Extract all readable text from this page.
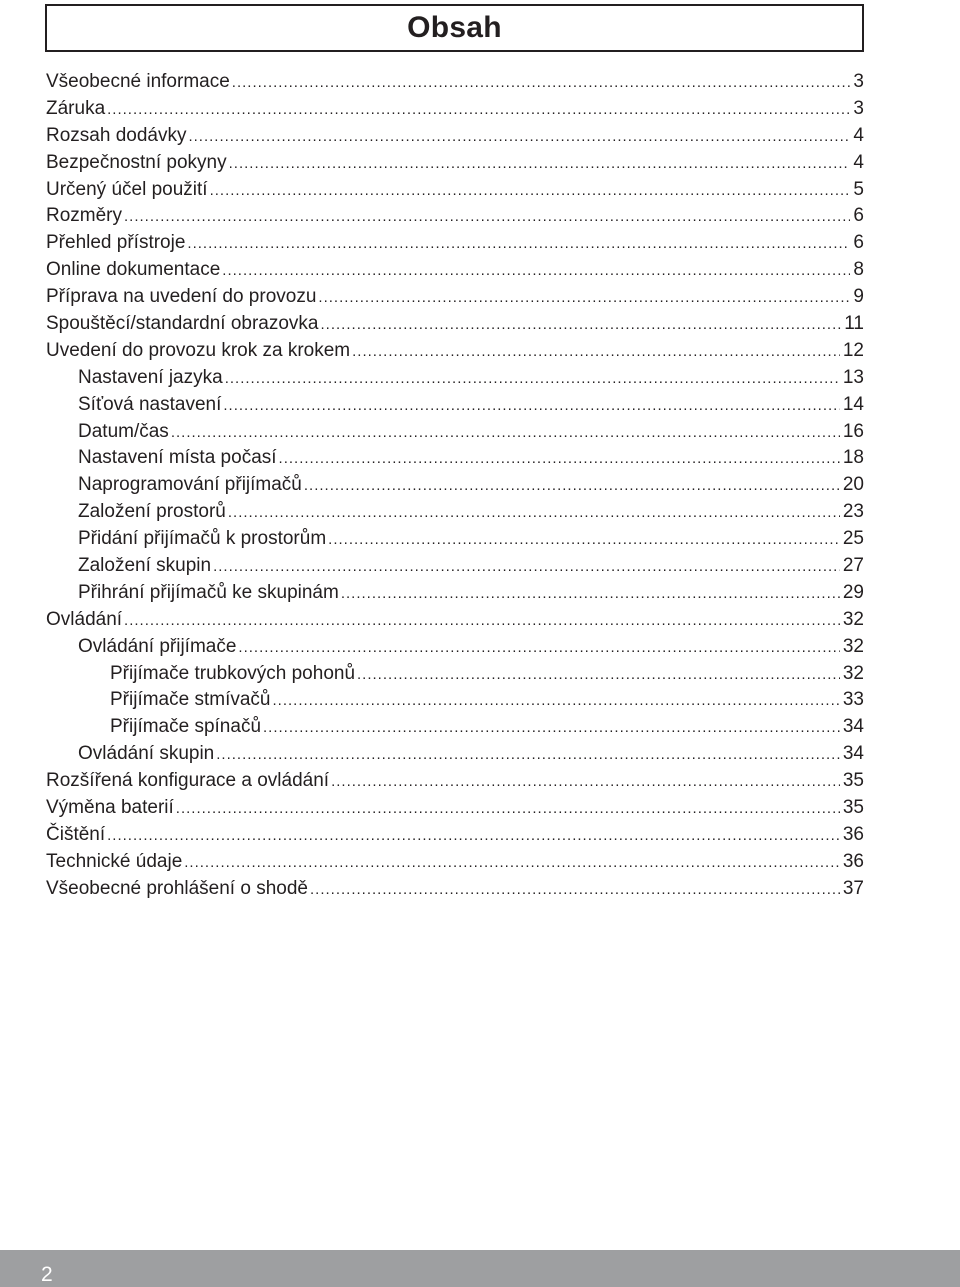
Obsah
Všeobecné informace .....	3
Záruka .....	3
Rozsah dodávky .....	4
Bezpečnostní pokyny .....	4
Určený účel použití .....	5
Rozměry .....	6
Přehled přístroje .....	6
Online dokumentace .....	8
Příprava na uvedení do provozu .....	9
Spouštěcí/standardní obrazovka .....	11
Uvedení do provozu krok za krokem .....	12
Nastavení jazyka .....	13
Síťová nastavení .....	14
Datum/čas .....	16
Nastavení místa počasí .....	18
Naprogramování přijímačů .....	20
Založení prostorů .....	23
Přidání přijímačů k prostorům .....	25
Založení skupin .....	27
Přihrání přijímačů ke skupinám .....	29
Ovládání .....	32
Ovládání přijímače .....	32
Přijímače trubkových pohonů .....	32
Přijímače stmívačů .....	33
Přijímače spínačů .....	34
Ovládání skupin .....	34
Rozšířená konfigurace a ovládání .....	35
Výměna baterií .....	35
Čištění .....	36
Technické údaje .....	36
Všeobecné prohlášení o shodě .....	37
2
